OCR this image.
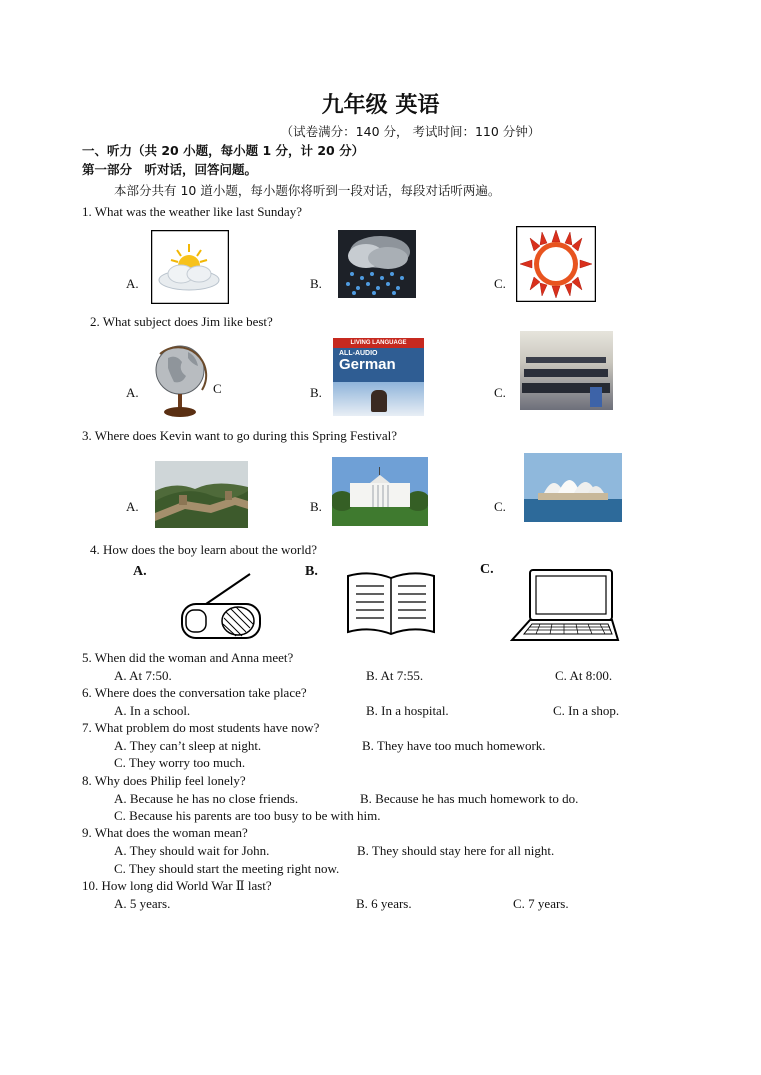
九年级 英语
（试卷满分：140 分， 考试时间：110 分钟）
一、听力（共 20 小题，每小题 1 分，计 20 分）
第一部分　听对话，回答问题。
本部分共有 10 道小题，每小题你将听到一段对话，每段对话听两遍。
1. What was the weather like last Sunday?
A.	B.	C.
2. What subject does Jim like best?
A.	C	B.	C.
LIVING LANGUAGE
ALL-AUDIO
German
3. Where does Kevin want to go during this Spring Festival?
A.	B.	C.
4. How does the boy learn about the world?
A.	B.	C.
5. When did the woman and Anna meet?
A. At 7:50.	B. At 7:55.	C. At 8:00.
6. Where does the conversation take place?
A. In a school.	B. In a hospital.	C. In a shop.
7. What problem do most students have now?
A. They can’t sleep at night.	B. They have too much homework.
C. They worry too much.
8. Why does Philip feel lonely?
A. Because he has no close friends.	B. Because he has much homework to do.
C. Because his parents are too busy to be with him.
9. What does the woman mean?
A. They should wait for John.	B. They should stay here for all night.
C. They should start the meeting right now.
10. How long did World War Ⅱ last?
A. 5 years.	B. 6 years.	C. 7 years.
